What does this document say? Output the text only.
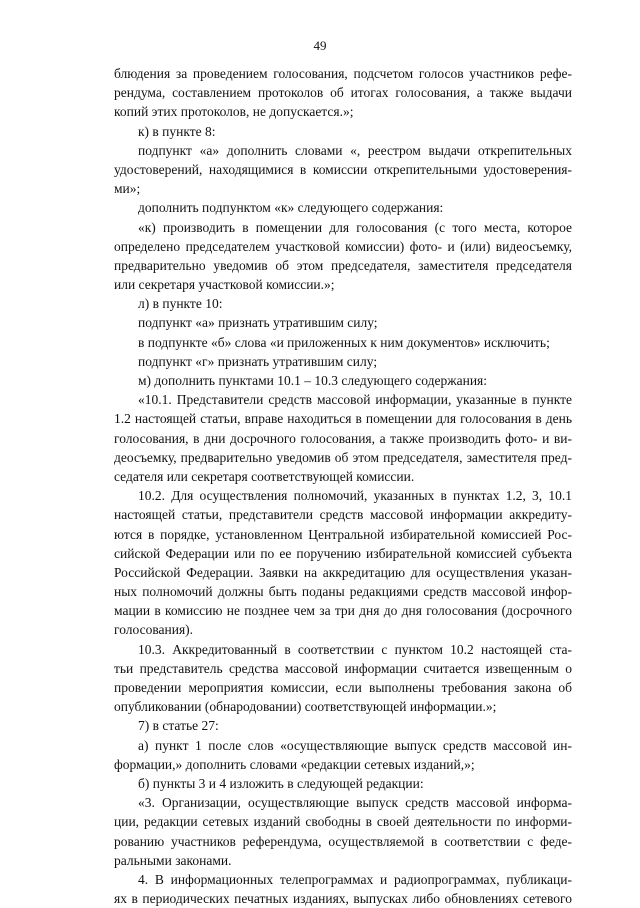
49
блюдения за проведением голосования, подсчетом голосов участников рефе-
рендума, составлением протоколов об итогах голосования, а также выдачи
копий этих протоколов, не допускается.»;
к) в пункте 8:
подпункт «а» дополнить словами «, реестром выдачи открепительных
удостоверений, находящимися в комиссии открепительными удостоверения-
ми»;
дополнить подпунктом «к» следующего содержания:
«к) производить в помещении для голосования (с того места, которое
определено председателем участковой комиссии) фото- и (или) видеосъемку,
предварительно уведомив об этом председателя, заместителя председателя
или секретаря участковой комиссии.»;
л) в пункте 10:
подпункт «а» признать утратившим силу;
в подпункте «б» слова «и приложенных к ним документов» исключить;
подпункт «г» признать утратившим силу;
м) дополнить пунктами 10.1 – 10.3 следующего содержания:
«10.1. Представители средств массовой информации, указанные в пункте
1.2 настоящей статьи, вправе находиться в помещении для голосования в день
голосования, в дни досрочного голосования, а также производить фото- и ви-
деосъемку, предварительно уведомив об этом председателя, заместителя пред-
седателя или секретаря соответствующей комиссии.
10.2. Для осуществления полномочий, указанных в пунктах 1.2, 3, 10.1
настоящей статьи, представители средств массовой информации аккредиту-
ются в порядке, установленном Центральной избирательной комиссией Рос-
сийской Федерации или по ее поручению избирательной комиссией субъекта
Российской Федерации. Заявки на аккредитацию для осуществления указан-
ных полномочий должны быть поданы редакциями средств массовой инфор-
мации в комиссию не позднее чем за три дня до дня голосования (досрочного
голосования).
10.3. Аккредитованный в соответствии с пунктом 10.2 настоящей ста-
тьи представитель средства массовой информации считается извещенным о
проведении мероприятия комиссии, если выполнены требования закона об
опубликовании (обнародовании) соответствующей информации.»;
7) в статье 27:
а) пункт 1 после слов «осуществляющие выпуск средств массовой ин-
формации,» дополнить словами «редакции сетевых изданий,»;
б) пункты 3 и 4 изложить в следующей редакции:
«3. Организации, осуществляющие выпуск средств массовой информа-
ции, редакции сетевых изданий свободны в своей деятельности по информи-
рованию участников референдума, осуществляемой в соответствии с феде-
ральными законами.
4. В информационных телепрограммах и радиопрограммах, публикаци-
ях в периодических печатных изданиях, выпусках либо обновлениях сетевого
